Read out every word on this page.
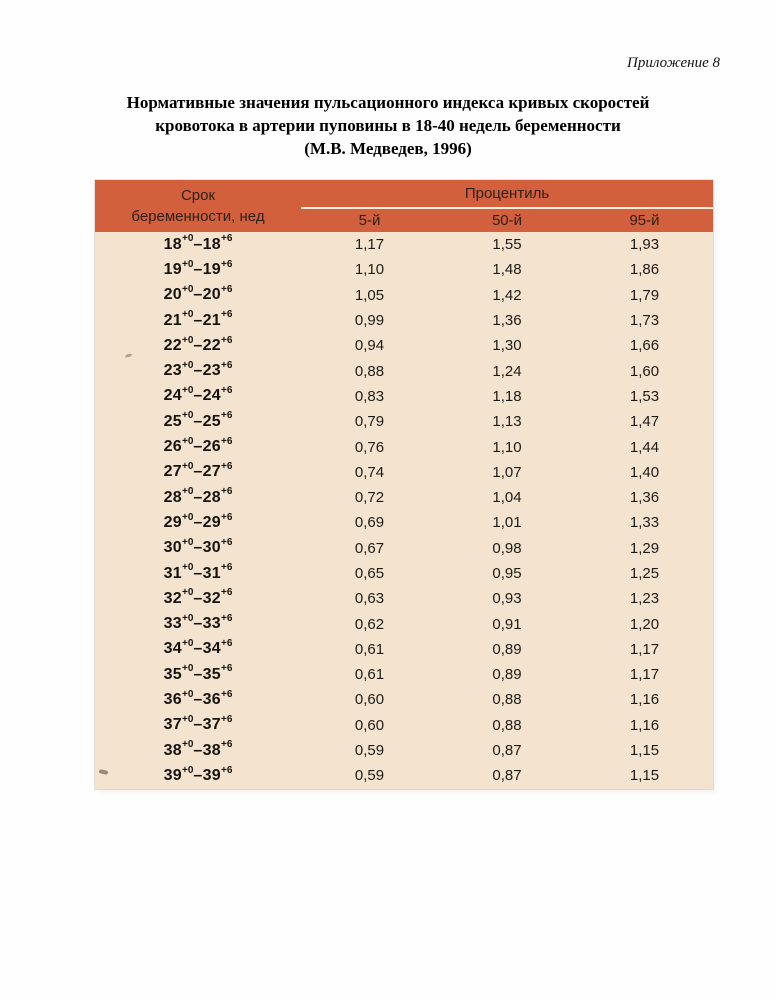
Приложение 8
Нормативные значения пульсационного индекса кривых скоростей
кровотока в артерии пуповины в 18-40 недель беременности
(М.В. Медведев, 1996)
Срок
беременности, нед	Процентиль		
	5-й	50-й	95-й
$18^{+0}-18^{+6}$	1,17	1,55	1,93
$19^{+0}-19^{+6}$	1,10	1,48	1,86
$20^{+0}-20^{+6}$	1,05	1,42	1,79
$21^{+0}-21^{+6}$	0,99	1,36	1,73
$22^{+0}-22^{+6}$	0,94	1,30	1,66
$23^{+0}-23^{+6}$	0,88	1,24	1,60
$24^{+0}-24^{+6}$	0,83	1,18	1,53
$25^{+0}-25^{+6}$	0,79	1,13	1,47
$26^{+0}-26^{+6}$	0,76	1,10	1,44
$27^{+0}-27^{+6}$	0,74	1,07	1,40
$28^{+0}-28^{+6}$	0,72	1,04	1,36
$29^{+0}-29^{+6}$	0,69	1,01	1,33
$30^{+0}-30^{+6}$	0,67	0,98	1,29
$31^{+0}-31^{+6}$	0,65	0,95	1,25
$32^{+0}-32^{+6}$	0,63	0,93	1,23
$33^{+0}-33^{+6}$	0,62	0,91	1,20
$34^{+0}-34^{+6}$	0,61	0,89	1,17
$35^{+0}-35^{+6}$	0,61	0,89	1,17
$36^{+0}-36^{+6}$	0,60	0,88	1,16
$37^{+0}-37^{+6}$	0,60	0,88	1,16
$38^{+0}-38^{+6}$	0,59	0,87	1,15
$39^{+0}-39^{+6}$	0,59	0,87	1,15
